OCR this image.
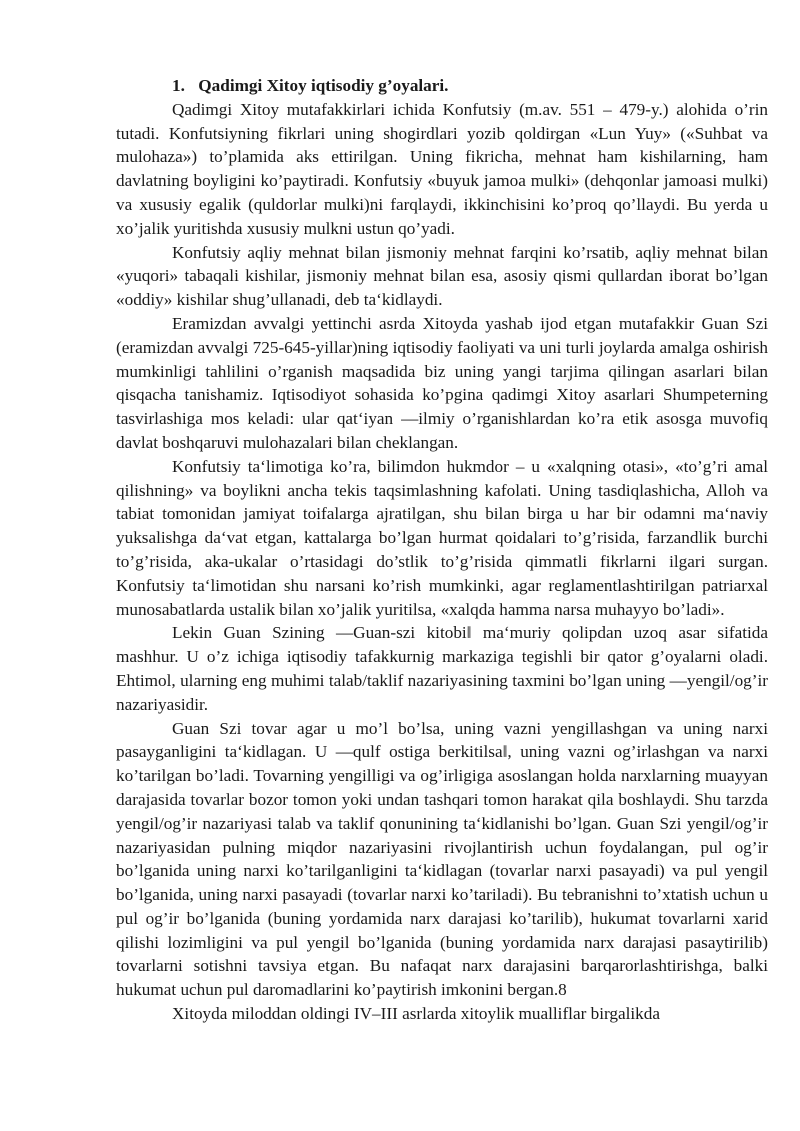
1. Qadimgi Xitoy iqtisodiy g’oyalari.

Qadimgi Xitoy mutafakkirlari ichida Konfutsiy (m.av. 551 – 479-y.) alohida o’rin tutadi. Konfutsiyning fikrlari uning shogirdlari yozib qoldirgan «Lun Yuy» («Suhbat va mulohaza») to’plamida aks ettirilgan. Uning fikricha, mehnat ham kishilarning, ham davlatning boyligini ko’paytiradi. Konfutsiy «buyuk jamoa mulki» (dehqonlar jamoasi mulki) va xususiy egalik (quldorlar mulki)ni farqlaydi, ikkinchisini ko’proq qo’llaydi. Bu yerda u xo’jalik yuritishda xususiy mulkni ustun qo’yadi.

Konfutsiy aqliy mehnat bilan jismoniy mehnat farqini ko’rsatib, aqliy mehnat bilan «yuqori» tabaqali kishilar, jismoniy mehnat bilan esa, asosiy qismi qullardan iborat bo’lgan «oddiy» kishilar shug’ullanadi, deb ta‘kidlaydi.

Eramizdan avvalgi yettinchi asrda Xitoyda yashab ijod etgan mutafakkir Guan Szi (eramizdan avvalgi 725-645-yillar)ning iqtisodiy faoliyati va uni turli joylarda amalga oshirish mumkinligi tahlilini o’rganish maqsadida biz uning yangi tarjima qilingan asarlari bilan qisqacha tanishamiz. Iqtisodiyot sohasida ko’pgina qadimgi Xitoy asarlari Shumpeterning tasvirlashiga mos keladi: ular qat‘iyan ―ilmiy o’rganishlardan ko’ra etik asosga muvofiq davlat boshqaruvi mulohazalari bilan cheklangan.

Konfutsiy ta‘limotiga ko’ra, bilimdon hukmdor – u «xalqning otasi», «to’g’ri amal qilishning» va boylikni ancha tekis taqsimlashning kafolati. Uning tasdiqlashicha, Alloh va tabiat tomonidan jamiyat toifalarga ajratilgan, shu bilan birga u har bir odamni ma‘naviy yuksalishga da‘vat etgan, kattalarga bo’lgan hurmat qoidalari to’g’risida, farzandlik burchi to’g’risida, aka-ukalar o’rtasidagi do’stlik to’g’risida qimmatli fikrlarni ilgari surgan. Konfutsiy ta‘limotidan shu narsani ko’rish mumkinki, agar reglamentlashtirilgan patriarxal munosabatlarda ustalik bilan xo’jalik yuritilsa, «xalqda hamma narsa muhayyo bo’ladi».

Lekin Guan Szining ―Guan-szi kitobi‖ ma‘muriy qolipdan uzoq asar sifatida mashhur. U o’z ichiga iqtisodiy tafakkurnig markaziga tegishli bir qator g’oyalarni oladi. Ehtimol, ularning eng muhimi talab/taklif nazariyasining taxmini bo’lgan uning ―yengil/og’ir nazariyasidir.

Guan Szi tovar agar u mo’l bo’lsa, uning vazni yengillashgan va uning narxi pasayganligini ta‘kidlagan. U ―qulf ostiga berkitilsa‖, uning vazni og’irlashgan va narxi ko’tarilgan bo’ladi. Tovarning yengilligi va og’irligiga asoslangan holda narxlarning muayyan darajasida tovarlar bozor tomon yoki undan tashqari tomon harakat qila boshlaydi. Shu tarzda yengil/og’ir nazariyasi talab va taklif qonunining ta‘kidlanishi bo’lgan. Guan Szi yengil/og’ir nazariyasidan pulning miqdor nazariyasini rivojlantirish uchun foydalangan, pul og’ir bo’lganida uning narxi ko’tarilganligini ta‘kidlagan (tovarlar narxi pasayadi) va pul yengil bo’lganida, uning narxi pasayadi (tovarlar narxi ko’tariladi). Bu tebranishni to’xtatish uchun u pul og’ir bo’lganida (buning yordamida narx darajasi ko’tarilib), hukumat tovarlarni xarid qilishi lozimligini va pul yengil bo’lganida (buning yordamida narx darajasi pasaytirilib) tovarlarni sotishni tavsiya etgan. Bu nafaqat narx darajasini barqarorlashtirishga, balki hukumat uchun pul daromadlarini ko’paytirish imkonini bergan.8

Xitoyda miloddan oldingi IV–III asrlarda xitoylik mualliflar birgalikda
